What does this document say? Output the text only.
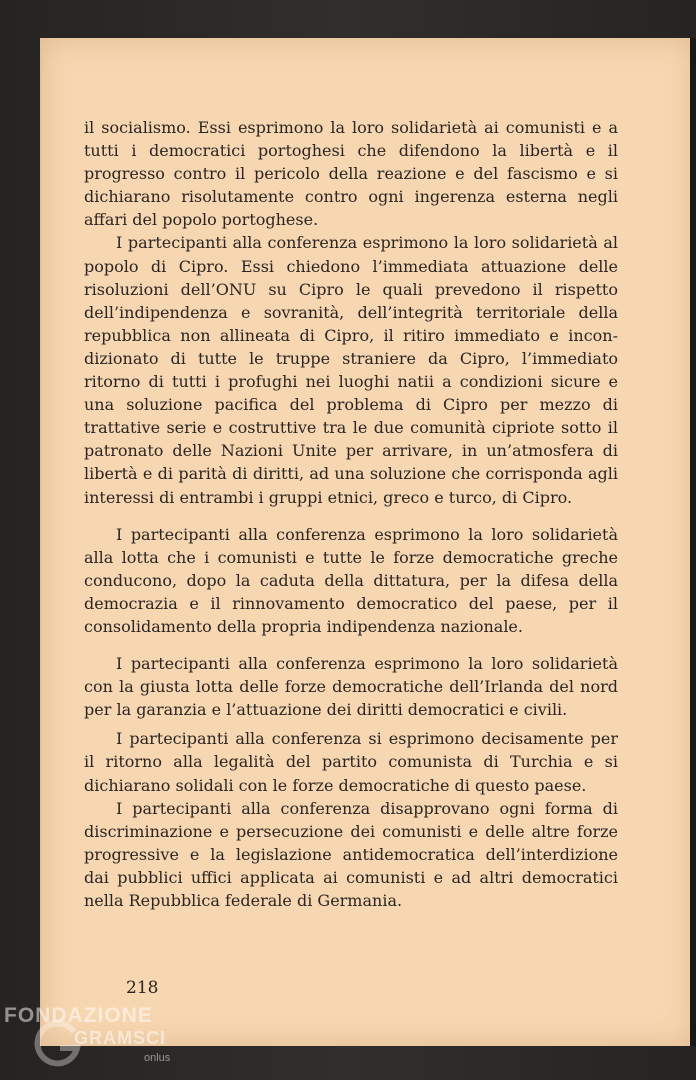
il socialismo. Essi esprimono la loro solidarietà ai comunisti e a tutti i democratici portoghesi che difendono la libertà e il progresso contro il pericolo della reazione e del fascismo e si dichiarano risolutamente contro ogni ingerenza esterna negli affari del popolo portoghese.

I partecipanti alla conferenza esprimono la loro solidarietà al popolo di Cipro. Essi chiedono l’immediata attuazione delle risoluzioni dell’ONU su Cipro le quali prevedono il rispetto dell’indipendenza e sovranità, dell’integrità territoriale della repubblica non allineata di Cipro, il ritiro immediato e incondizionato di tutte le truppe straniere da Cipro, l’immediato ritorno di tutti i profughi nei luoghi natii a condizioni sicure e una soluzione pacifica del problema di Cipro per mezzo di trattative serie e costruttive tra le due comunità cipriote sotto il patronato delle Nazioni Unite per arrivare, in un’atmosfera di libertà e di parità di diritti, ad una soluzione che corrisponda agli interessi di entrambi i gruppi etnici, greco e turco, di Cipro.

I partecipanti alla conferenza esprimono la loro solidarietà alla lotta che i comunisti e tutte le forze democratiche greche conducono, dopo la caduta della dittatura, per la difesa della democrazia e il rinnovamento democratico del paese, per il consolidamento della propria indipendenza nazionale.

I partecipanti alla conferenza esprimono la loro solidarietà con la giusta lotta delle forze democratiche dell’Irlanda del nord per la garanzia e l’attuazione dei diritti democratici e civili.

I partecipanti alla conferenza si esprimono decisamente per il ritorno alla legalità del partito comunista di Turchia e si dichiarano solidali con le forze democratiche di questo paese.

I partecipanti alla conferenza disapprovano ogni forma di discriminazione e persecuzione dei comunisti e delle altre forze progressive e la legislazione antidemocratica dell’interdizione dai pubblici uffici applicata ai comunisti e ad altri democratici nella Repubblica federale di Germania.

218
FONDAZIONE
GRAMSCI
onlus
